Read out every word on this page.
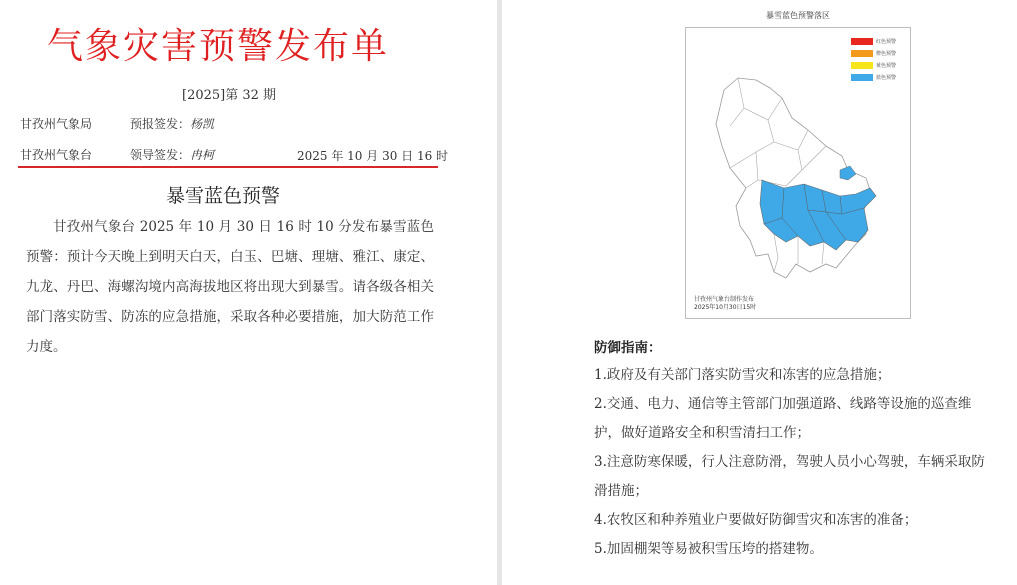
气象灾害预警发布单
[2025]第 32 期
甘孜州气象局	预报签发：杨凯
甘孜州气象台	领导签发：冉柯	2025 年 10 月 30 日 16 时
暴雪蓝色预警
甘孜州气象台 2025 年 10 月 30 日 16 时 10 分发布暴雪蓝色预警：预计今天晚上到明天白天，白玉、巴塘、理塘、雅江、康定、九龙、丹巴、海螺沟境内高海拔地区将出现大到暴雪。请各级各相关部门落实防雪、防冻的应急措施，采取各种必要措施，加大防范工作力度。
暴雪蓝色预警落区
红色预警
橙色预警
黄色预警
蓝色预警
甘孜州气象台制作发布
2025年10月30日15时
防御指南：

1.政府及有关部门落实防雪灾和冻害的应急措施；

2.交通、电力、通信等主管部门加强道路、线路等设施的巡查维护，做好道路安全和积雪清扫工作；

3.注意防寒保暖，行人注意防滑，驾驶人员小心驾驶，车辆采取防滑措施；

4.农牧区和种养殖业户要做好防御雪灾和冻害的准备；

5.加固棚架等易被积雪压垮的搭建物。
